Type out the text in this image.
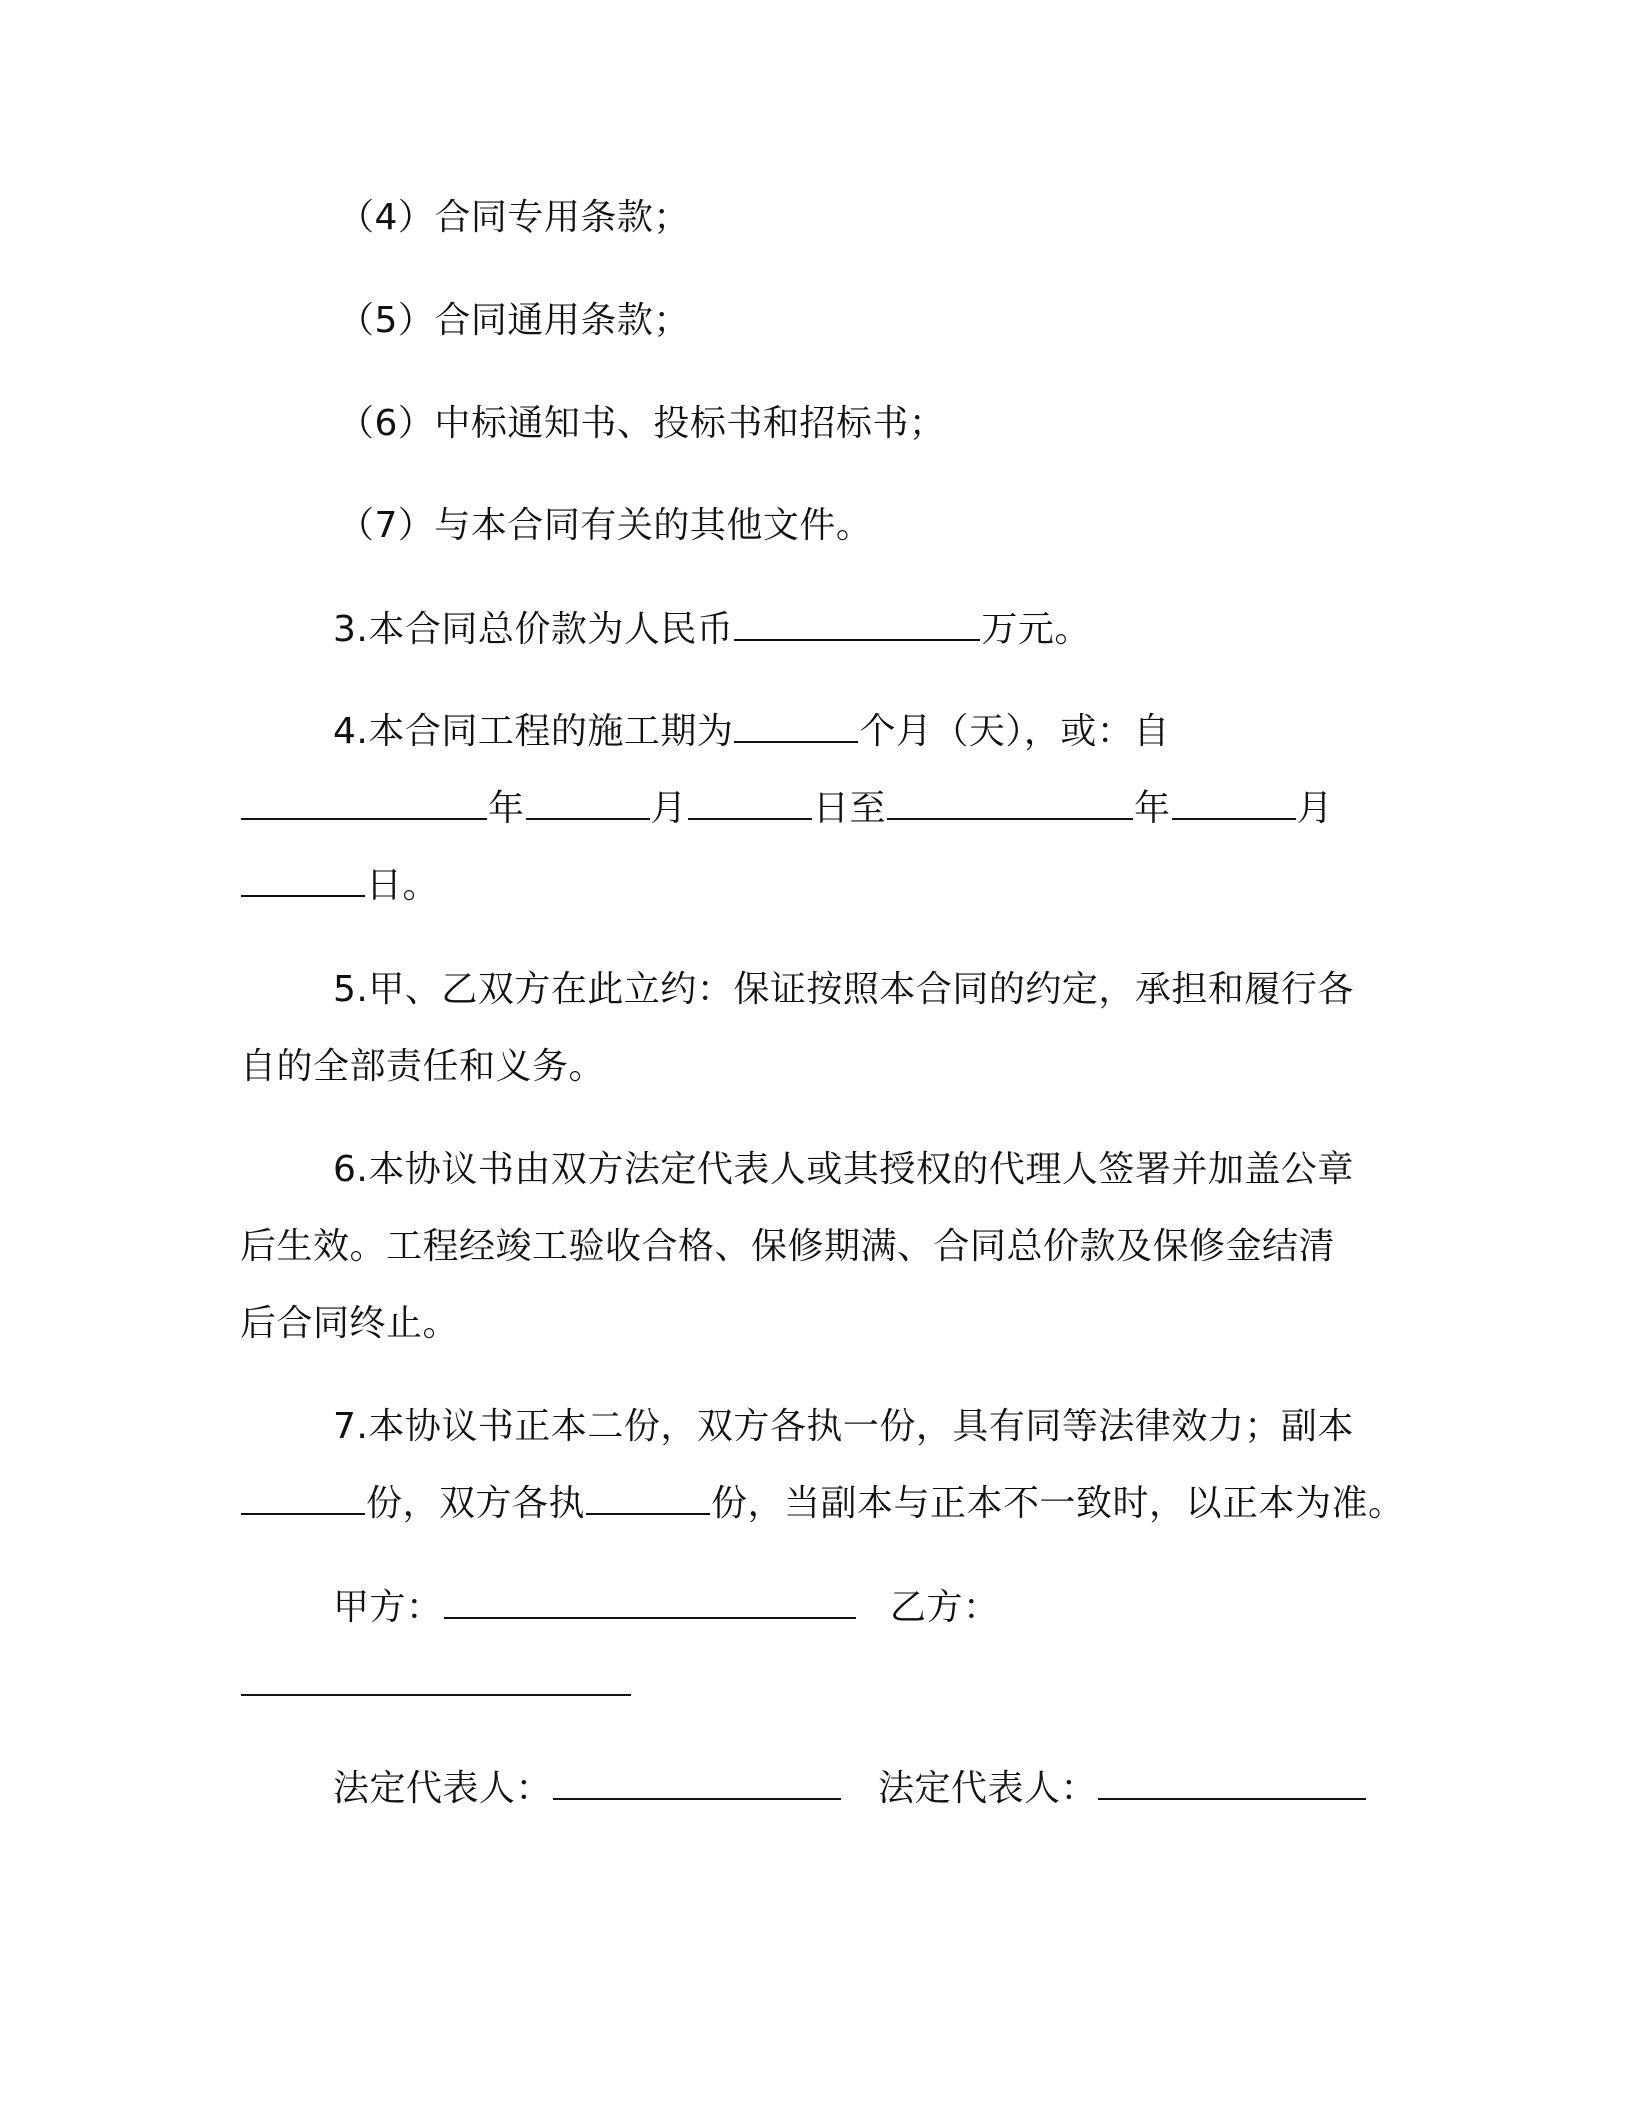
（4）合同专用条款；
（5）合同通用条款；
（6）中标通知书、投标书和招标书；
（7）与本合同有关的其他文件。
3.本合同总价款为人民币	万元。
4.本合同工程的施工期为	个月（天），或：自
年	月	日至	年	月
日。
5.甲、乙双方在此立约：保证按照本合同的约定，承担和履行各
自的全部责任和义务。
6.本协议书由双方法定代表人或其授权的代理人签署并加盖公章
后生效。工程经竣工验收合格、保修期满、合同总价款及保修金结清
后合同终止。
7.本协议书正本二份，双方各执一份，具有同等法律效力；副本
份，双方各执	份，当副本与正本不一致时，以正本为准。
甲方：	乙方：
法定代表人：	法定代表人：
